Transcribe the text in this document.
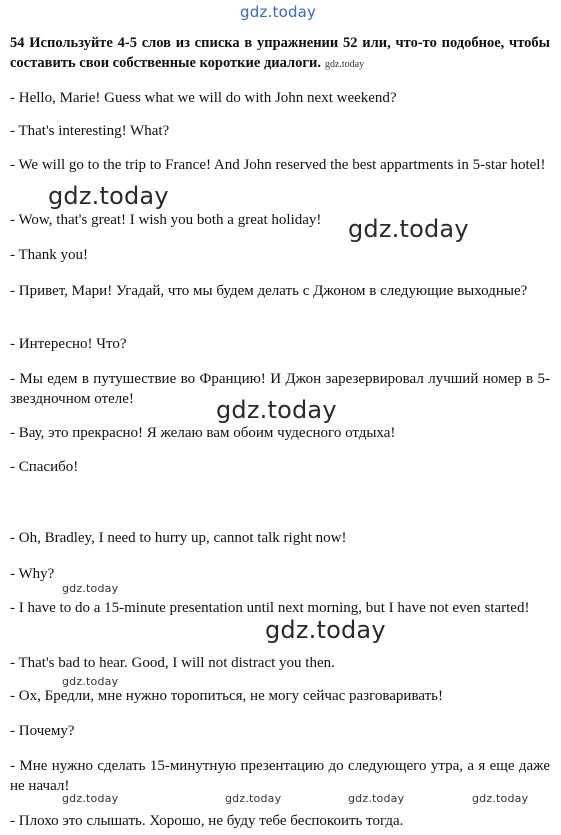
gdz.today

54 Используйте 4-5 слов из списка в упражнении 52 или, что-то подобное, чтобы составить свои собственные короткие диалоги. gdz.today

- Hello, Marie! Guess what we will do with John next weekend?

- That's interesting! What?

- We will go to the trip to France! And John reserved the best appartments in 5-star hotel!

- Wow, that's great! I wish you both a great holiday!

- Thank you!

- Привет, Мари! Угадай, что мы будем делать с Джоном в следующие выходные?

- Интересно! Что?

- Мы едем в путушествие во Францию! И Джон зарезервировал лучший номер в 5-звездночном отеле!

- Вау, это прекрасно! Я желаю вам обоим чудесного отдыха!

- Спасибо!

- Oh, Bradley, I need to hurry up, cannot talk right now!

- Why?

- I have to do a 15-minute presentation until next morning, but I have not even started!

- That's bad to hear. Good, I will not distract you then.

- Ох, Бредли, мне нужно торопиться, не могу сейчас разговаривать!

- Почему?

- Мне нужно сделать 15-минутную презентацию до следующего утра, а я еще даже не начал!

- Плохо это слышать. Хорошо, не буду тебе беспокоить тогда.

gdz.today
gdz.today
gdz.today
gdz.today
gdz.today
gdz.today
gdz.today	gdz.today	gdz.today	gdz.today
